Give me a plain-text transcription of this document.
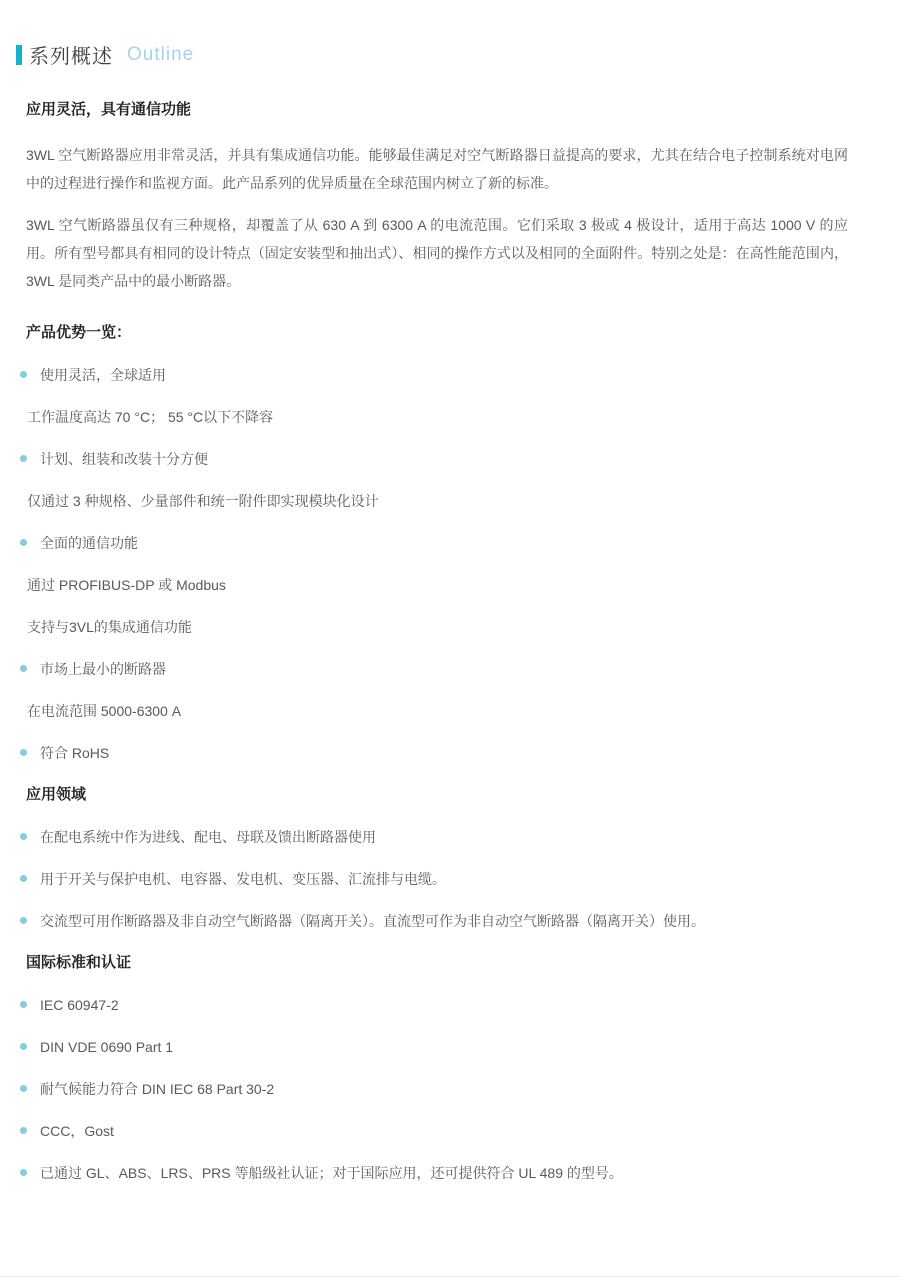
系列概述 Outline
应用灵活，具有通信功能

3WL 空气断路器应用非常灵活，并具有集成通信功能。能够最佳满足对空气断路器日益提高的要求，尤其在结合电子控制系统对电网中的过程进行操作和监视方面。此产品系列的优异质量在全球范围内树立了新的标准。

3WL 空气断路器虽仅有三种规格，却覆盖了从 630 A 到 6300 A 的电流范围。它们采取 3 极或 4 极设计，适用于高达 1000 V 的应用。所有型号都具有相同的设计特点（固定安装型和抽出式）、相同的操作方式以及相同的全面附件。特别之处是：在高性能范围内，3WL 是同类产品中的最小断路器。

产品优势一览：
使用灵活，全球适用
工作温度高达 70 °C； 55 °C以下不降容
计划、组装和改装十分方便
仅通过 3 种规格、少量部件和统一附件即实现模块化设计
全面的通信功能
通过 PROFIBUS-DP 或 Modbus
支持与3VL的集成通信功能
市场上最小的断路器
在电流范围 5000-6300 A
符合 RoHS
应用领域
在配电系统中作为进线、配电、母联及馈出断路器使用
用于开关与保护电机、电容器、发电机、变压器、汇流排与电缆。
交流型可用作断路器及非自动空气断路器（隔离开关）。直流型可作为非自动空气断路器（隔离开关）使用。
国际标准和认证
IEC 60947-2
DIN VDE 0690 Part 1
耐气候能力符合 DIN IEC 68 Part 30-2
CCC，Gost
已通过 GL、ABS、LRS、PRS 等船级社认证；对于国际应用，还可提供符合 UL 489 的型号。
